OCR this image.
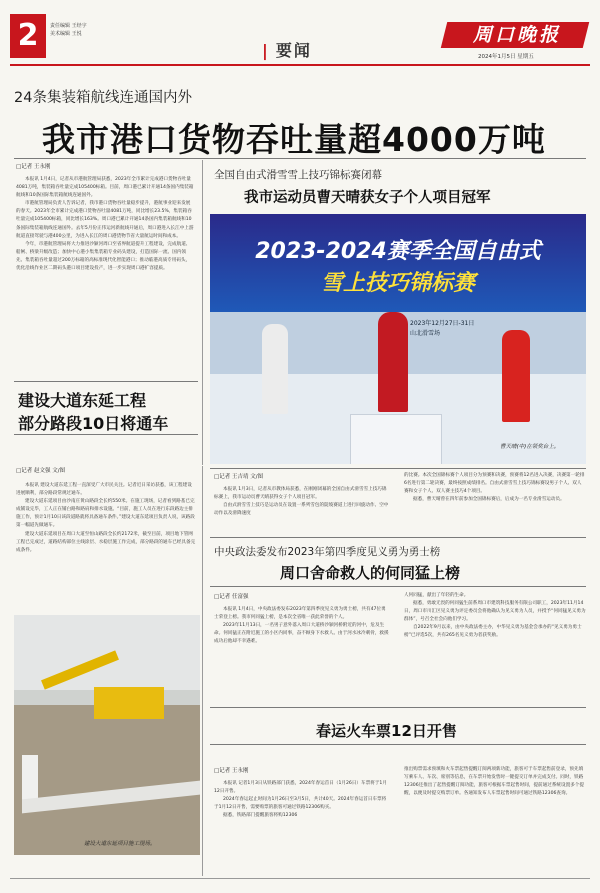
2	责任编辑 王经宇
美术编辑 王悦
| 要闻
周口晚报
2024年1月5日 星期五
24条集装箱航线连通国内外
我市港口货物吞吐量超4000万吨
□记者 王永刚

本报讯 1月4日，记者从市港航管理局获悉，2023年全市累计完成港口货物吞吐量4081万吨，集装箱吞吐量完成105400标箱。目前，周口港已累计开通14条国内集装箱航线和10条国际集装箱航线连通国外。

市港航管理局负责人告诉记者，我市港口货物吞吐量稳步提升，港航事业迎来发展的春天。2023年全市累计完成港口货物吞吐量4081万吨，同比增长23.5%，集装箱吞吐量完成105400标箱，同比增长163%。周口港已累计开通14条国内集装箱航线和10条国际集装箱航线连通国外。去年5月份正伟运河新航线开通后，周口港进入长江中上游航道直接驾驶与港400公里，为进入长江的周口港货物节省大量航运时间和成本。

今年，市港航管理局将大力推进沙颍河周口至省界航道提升工程建设，完成航道、船闸、桥梁升级改造；加快中心港小集集装箱专业码头建设，打造国际一流、国内领先、集装箱吞吐量超过200万标箱的高标准现代化智能港口；推动临港高质专用码头，优化沿线作业区二期码头港口项目建设投产，进一步实现周口港扩容提质。

全国自由式滑雪雪上技巧锦标赛闭幕
我市运动员曹天晴获女子个人项目冠军
2023-2024赛季全国自由式
雪上技巧锦标赛
2023年12月27日-31日
山北滑雪场
曹天晴(中)在领奖台上。
□记者 王吉靖 文/图

本报讯 1月3日，记者从市教体局获悉，在刚刚闭幕的全国自由式滑雪雪上技巧锦标赛上，我市运动员曹天晴获得女子个人项目冠军。

自由式滑雪雪上技巧是运动员在设置一系列雪包的陡坡赛道上进行回旋动作、空中动作以及滑降速度

的比赛。本次全国锦标赛个人项目分为预赛和决赛，预赛将12名进入决赛，决赛第一轮排6名进行第二轮决赛，最终按照成绩排名。自由式滑雪雪上技巧锦标赛设男子个人、双人赛和女子个人、双人赛主技巧4个项目。

据悉，曹天晴曾在四年前参加全国锦标赛后，后成为一名专业滑雪运动员。

建设大道东延工程
部分路段10日将通车
□记者 赵文强 文/图

本报讯 建设大道东延工程一直深受广大市民关注。记者近日采访获悉，该工程建设进展顺利，部分路段常规过通车。

建设大道东延项目由沙南庄黄山路段全长约550米。在施工现场，记者看到路基已完成铺设完毕，工人正在铺白路和路肩和排水设施。“目前，施工人员在进行东段路边主排施工作，预计1月10日该段道路就将具备通车条件。”建设大道东延项目负责人说，该路段第一幅道先做通车。

建设大道东延项目在周口大道至恒山路段全长约2172米，截至目前，项目地下管网工程已完成过，道路结构部位主线涂层、水稳层施工作完成，部分路段的通车已经具备完成条件。

建设大道东延项目施工现场。
中央政法委发布2023年第四季度见义勇为勇士榜
周口舍命救人的何同猛上榜
□记者 任富强

本报讯 1月4日，中央政法委发布2023年第四季度见义勇为勇士榜，共有47位勇士荣登上榜。我市何同猛上榜，是本次全省唯一获此荣誉的个人。

2023年11月13日，一名男子意外落入周口大道桥沙颍河桥附近的河中，危及生命。何同猛正在附近施工的小区内同事，奋不顾身下水救人。由于河水冰冷刺骨，救援成功后他却不幸遇难。

人何同猛，献出了年轻的生命。

据悉，勇敢无畏的何同猛生前系周口市建筑科技服务有限公司职工，2023年11月14日，周口市川汇区见义勇为评定委员会将他确认为见义勇为人员，并授予“何同猛见义勇为群体”，号召全社会向他们学习。

自2022年9月以来，由中央政法委主办，中华见义勇为基金会承办的“见义勇为勇士榜”已评选5次，共有265名见义勇为者获奖励。

春运火车票12日开售
□记者 王永刚

本报讯 记者1月3日从铁路部门获悉，2024年春运首日（1月26日）车票将于1月12日开售。

2024年春运起止时间为1月26日至3月5日，共计40天。2024年春运首日车票将于1月12日开售，需要购票的旅客可通过铁路12306购买。

据悉，铁路部门提醒旅客将购12306

推出购票需求预填和火车票起售提醒订阅两项新功能，旅客可于车票起售前登录，预先填写乘车人、车次、席别等信息，在车票开始发售时一键提交订单并完成支付。同时，铁路12306还推出了起售提醒订阅功能，旅客可根据车票起售时间，提前通过系统设置多个提醒，以便及时提交购票订单。各通知发布人车票起售时间可通过铁路12306查询。
